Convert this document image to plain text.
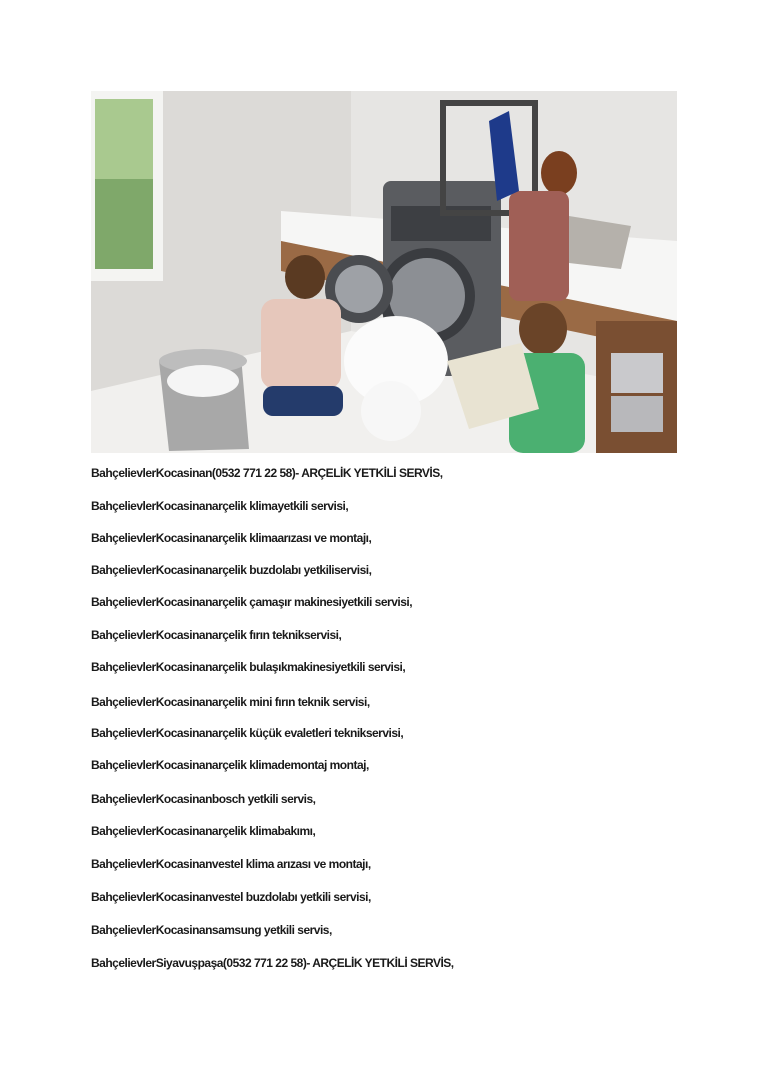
BahçelievlerKocasinan(0532 771 22 58)- ARÇELİK YETKİLİ SERVİS,
BahçelievlerKocasinanarçelik klimayetkili servisi,
BahçelievlerKocasinanarçelik klimaarızası ve montajı,
BahçelievlerKocasinanarçelik buzdolabı yetkiliservisi,
BahçelievlerKocasinanarçelik çamaşır makinesiyetkili servisi,
BahçelievlerKocasinanarçelik fırın teknikservisi,
BahçelievlerKocasinanarçelik bulaşıkmakinesiyetkili servisi,
BahçelievlerKocasinanarçelik mini fırın teknik servisi,
BahçelievlerKocasinanarçelik küçük evaletleri teknikservisi,
BahçelievlerKocasinanarçelik klimademontaj montaj,
BahçelievlerKocasinanbosch yetkili servis,
BahçelievlerKocasinanarçelik klimabakımı,
BahçelievlerKocasinanvestel klima arızası ve montajı,
BahçelievlerKocasinanvestel buzdolabı yetkili servisi,
BahçelievlerKocasinansamsung yetkili servis,
BahçelievlerSiyavuşpaşa(0532 771 22 58)- ARÇELİK YETKİLİ SERVİS,
